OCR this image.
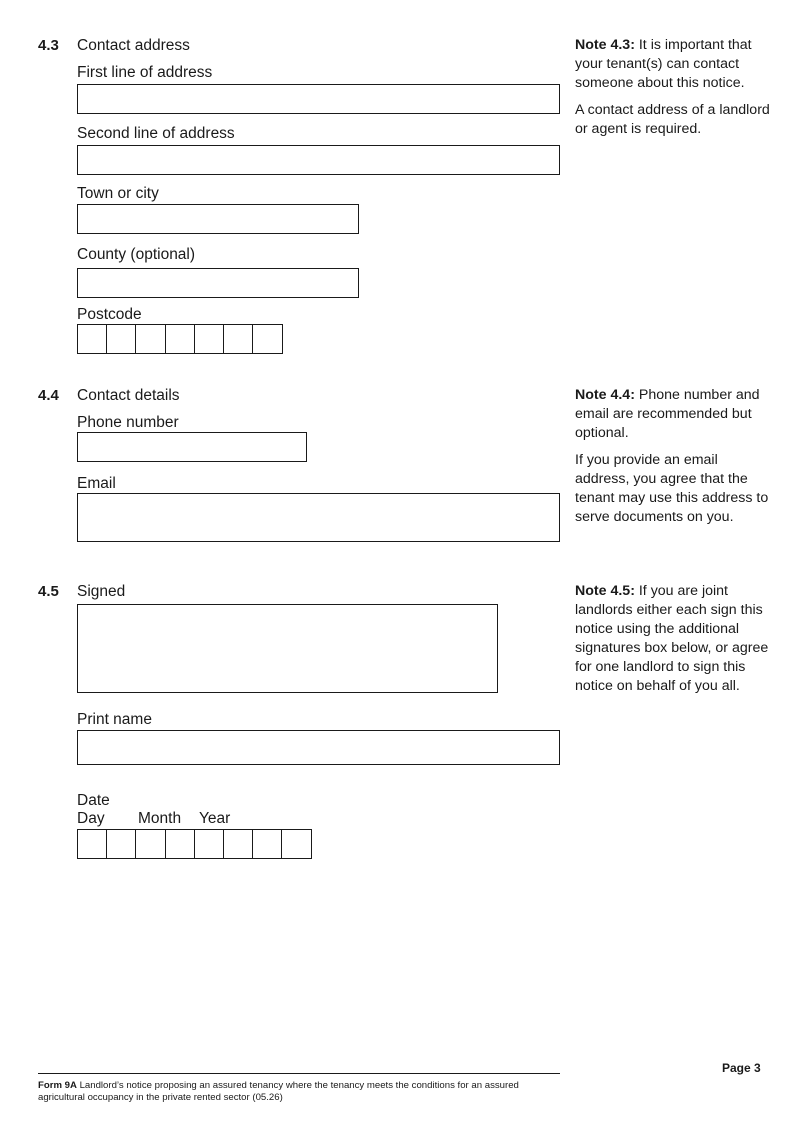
4.3 Contact address
First line of address
Second line of address
Town or city
County (optional)
Postcode

Note 4.3: It is important that your tenant(s) can contact someone about this notice.

A contact address of a landlord or agent is required.

4.4 Contact details
Phone number
Email

Note 4.4: Phone number and email are recommended but optional.

If you provide an email address, you agree that the tenant may use this address to serve documents on you.

4.5 Signed
Print name
Date
Day Month Year

Note 4.5: If you are joint landlords either each sign this notice using the additional signatures box below, or agree for one landlord to sign this notice on behalf of you all.

Page 3
Form 9A Landlord’s notice proposing an assured tenancy where the tenancy meets the conditions for an assured agricultural occupancy in the private rented sector (05.26)
